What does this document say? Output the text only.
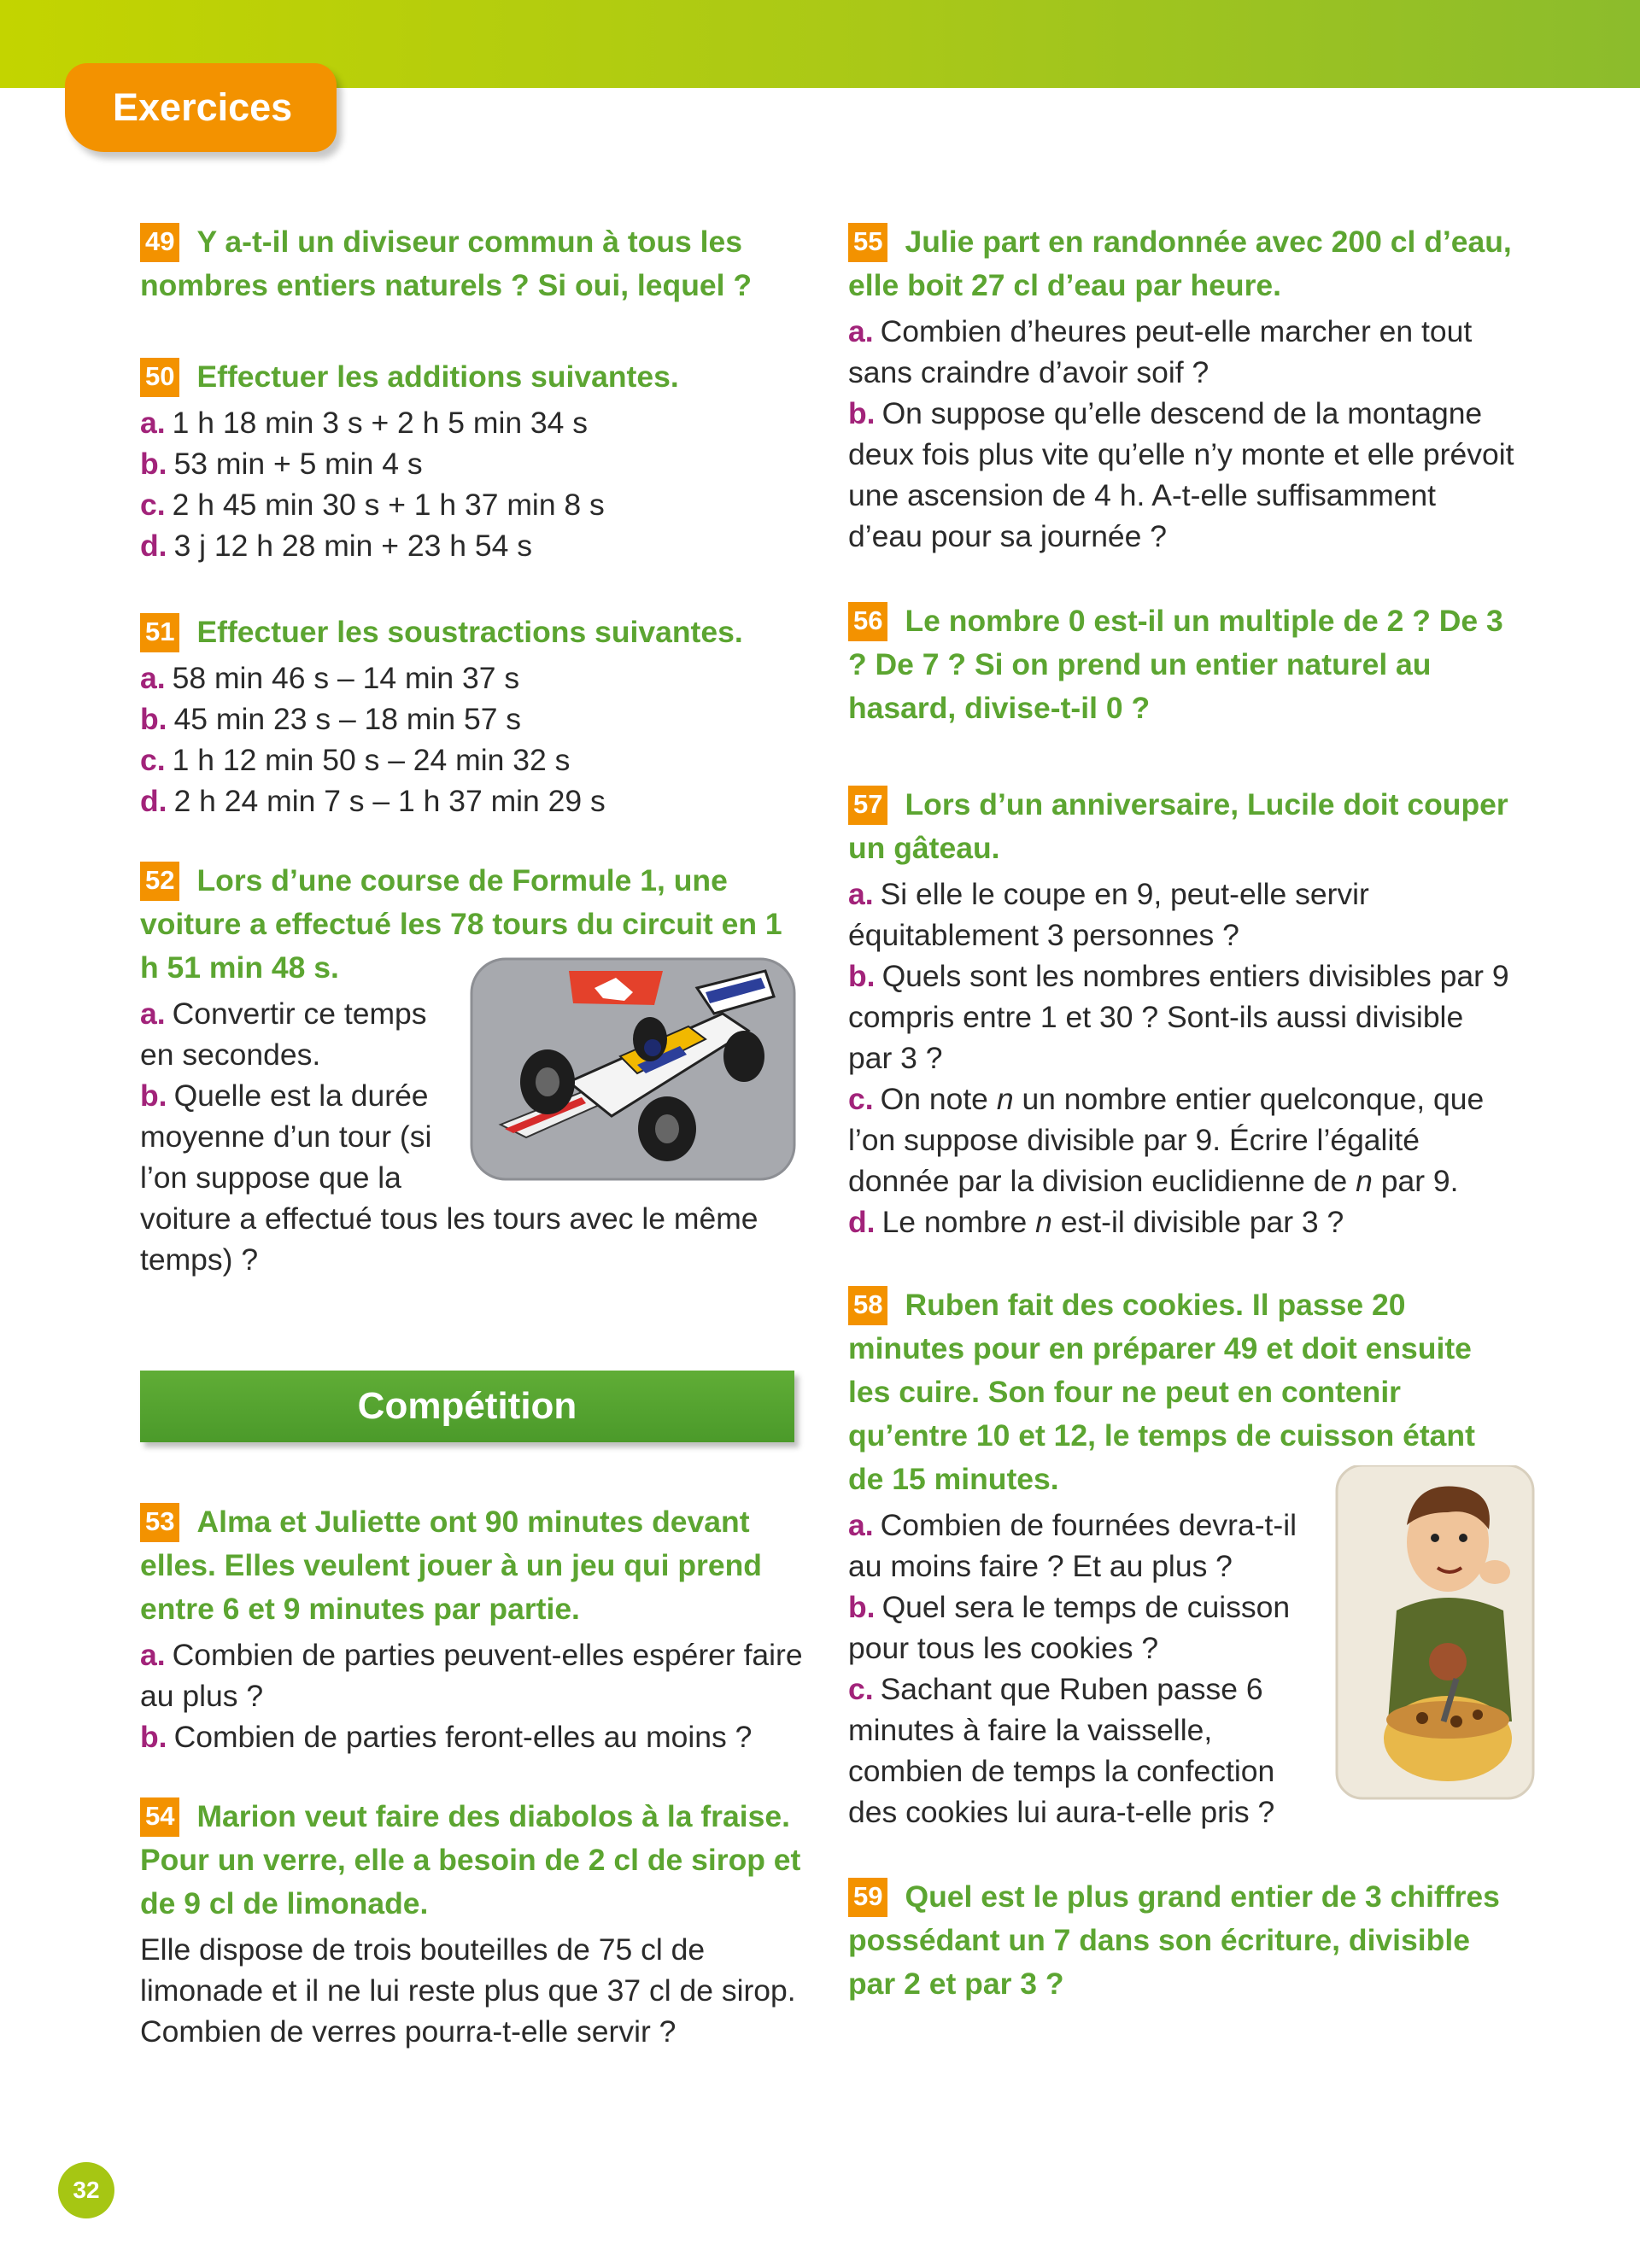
Exercices
49 Y a-t-il un diviseur commun à tous les nombres entiers naturels ? Si oui, lequel ?
50 Effectuer les additions suivantes.
a. 1 h 18 min 3 s + 2 h 5 min 34 s
b. 53 min + 5 min 4 s
c. 2 h 45 min 30 s + 1 h 37 min 8 s
d. 3 j 12 h 28 min + 23 h 54 s
51 Effectuer les soustractions suivantes.
a. 58 min 46 s – 14 min 37 s
b. 45 min 23 s – 18 min 57 s
c. 1 h 12 min 50 s – 24 min 32 s
d. 2 h 24 min 7 s – 1 h 37 min 29 s
52 Lors d’une course de Formule 1, une voiture a effectué les 78 tours du circuit en 1 h 51 min 48 s.
a. Convertir ce temps en secondes.
b. Quelle est la durée moyenne d’un tour (si l’on suppose que la voiture a effectué tous les tours avec le même temps) ?
Compétition
53 Alma et Juliette ont 90 minutes devant elles. Elles veulent jouer à un jeu qui prend entre 6 et 9 minutes par partie.
a. Combien de parties peuvent-elles espérer faire au plus ?
b. Combien de parties feront-elles au moins ?
54 Marion veut faire des diabolos à la fraise. Pour un verre, elle a besoin de 2 cl de sirop et de 9 cl de limonade.
Elle dispose de trois bouteilles de 75 cl de limonade et il ne lui reste plus que 37 cl de sirop. Combien de verres pourra-t-elle servir ?
55 Julie part en randonnée avec 200 cl d’eau, elle boit 27 cl d’eau par heure.
a. Combien d’heures peut-elle marcher en tout sans craindre d’avoir soif ?
b. On suppose qu’elle descend de la montagne deux fois plus vite qu’elle n’y monte et elle prévoit une ascension de 4 h. A-t-elle suffisamment d’eau pour sa journée ?
56 Le nombre 0 est-il un multiple de 2 ? De 3 ? De 7 ? Si on prend un entier naturel au hasard, divise-t-il 0 ?
57 Lors d’un anniversaire, Lucile doit couper un gâteau.
a. Si elle le coupe en 9, peut-elle servir équitablement 3 personnes ?
b. Quels sont les nombres entiers divisibles par 9 compris entre 1 et 30 ? Sont-ils aussi divisible par 3 ?
c. On note n un nombre entier quelconque, que l’on suppose divisible par 9. Écrire l’égalité donnée par la division euclidienne de n par 9.
d. Le nombre n est-il divisible par 3 ?
58 Ruben fait des cookies. Il passe 20 minutes pour en préparer 49 et doit ensuite les cuire. Son four ne peut en contenir qu’entre 10 et 12, le temps de cuisson étant de 15 minutes.
a. Combien de fournées devra-t-il au moins faire ? Et au plus ?
b. Quel sera le temps de cuisson pour tous les cookies ?
c. Sachant que Ruben passe 6 minutes à faire la vaisselle, combien de temps la confection des cookies lui aura-t-elle pris ?
59 Quel est le plus grand entier de 3 chiffres possédant un 7 dans son écriture, divisible par 2 et par 3 ?
32
